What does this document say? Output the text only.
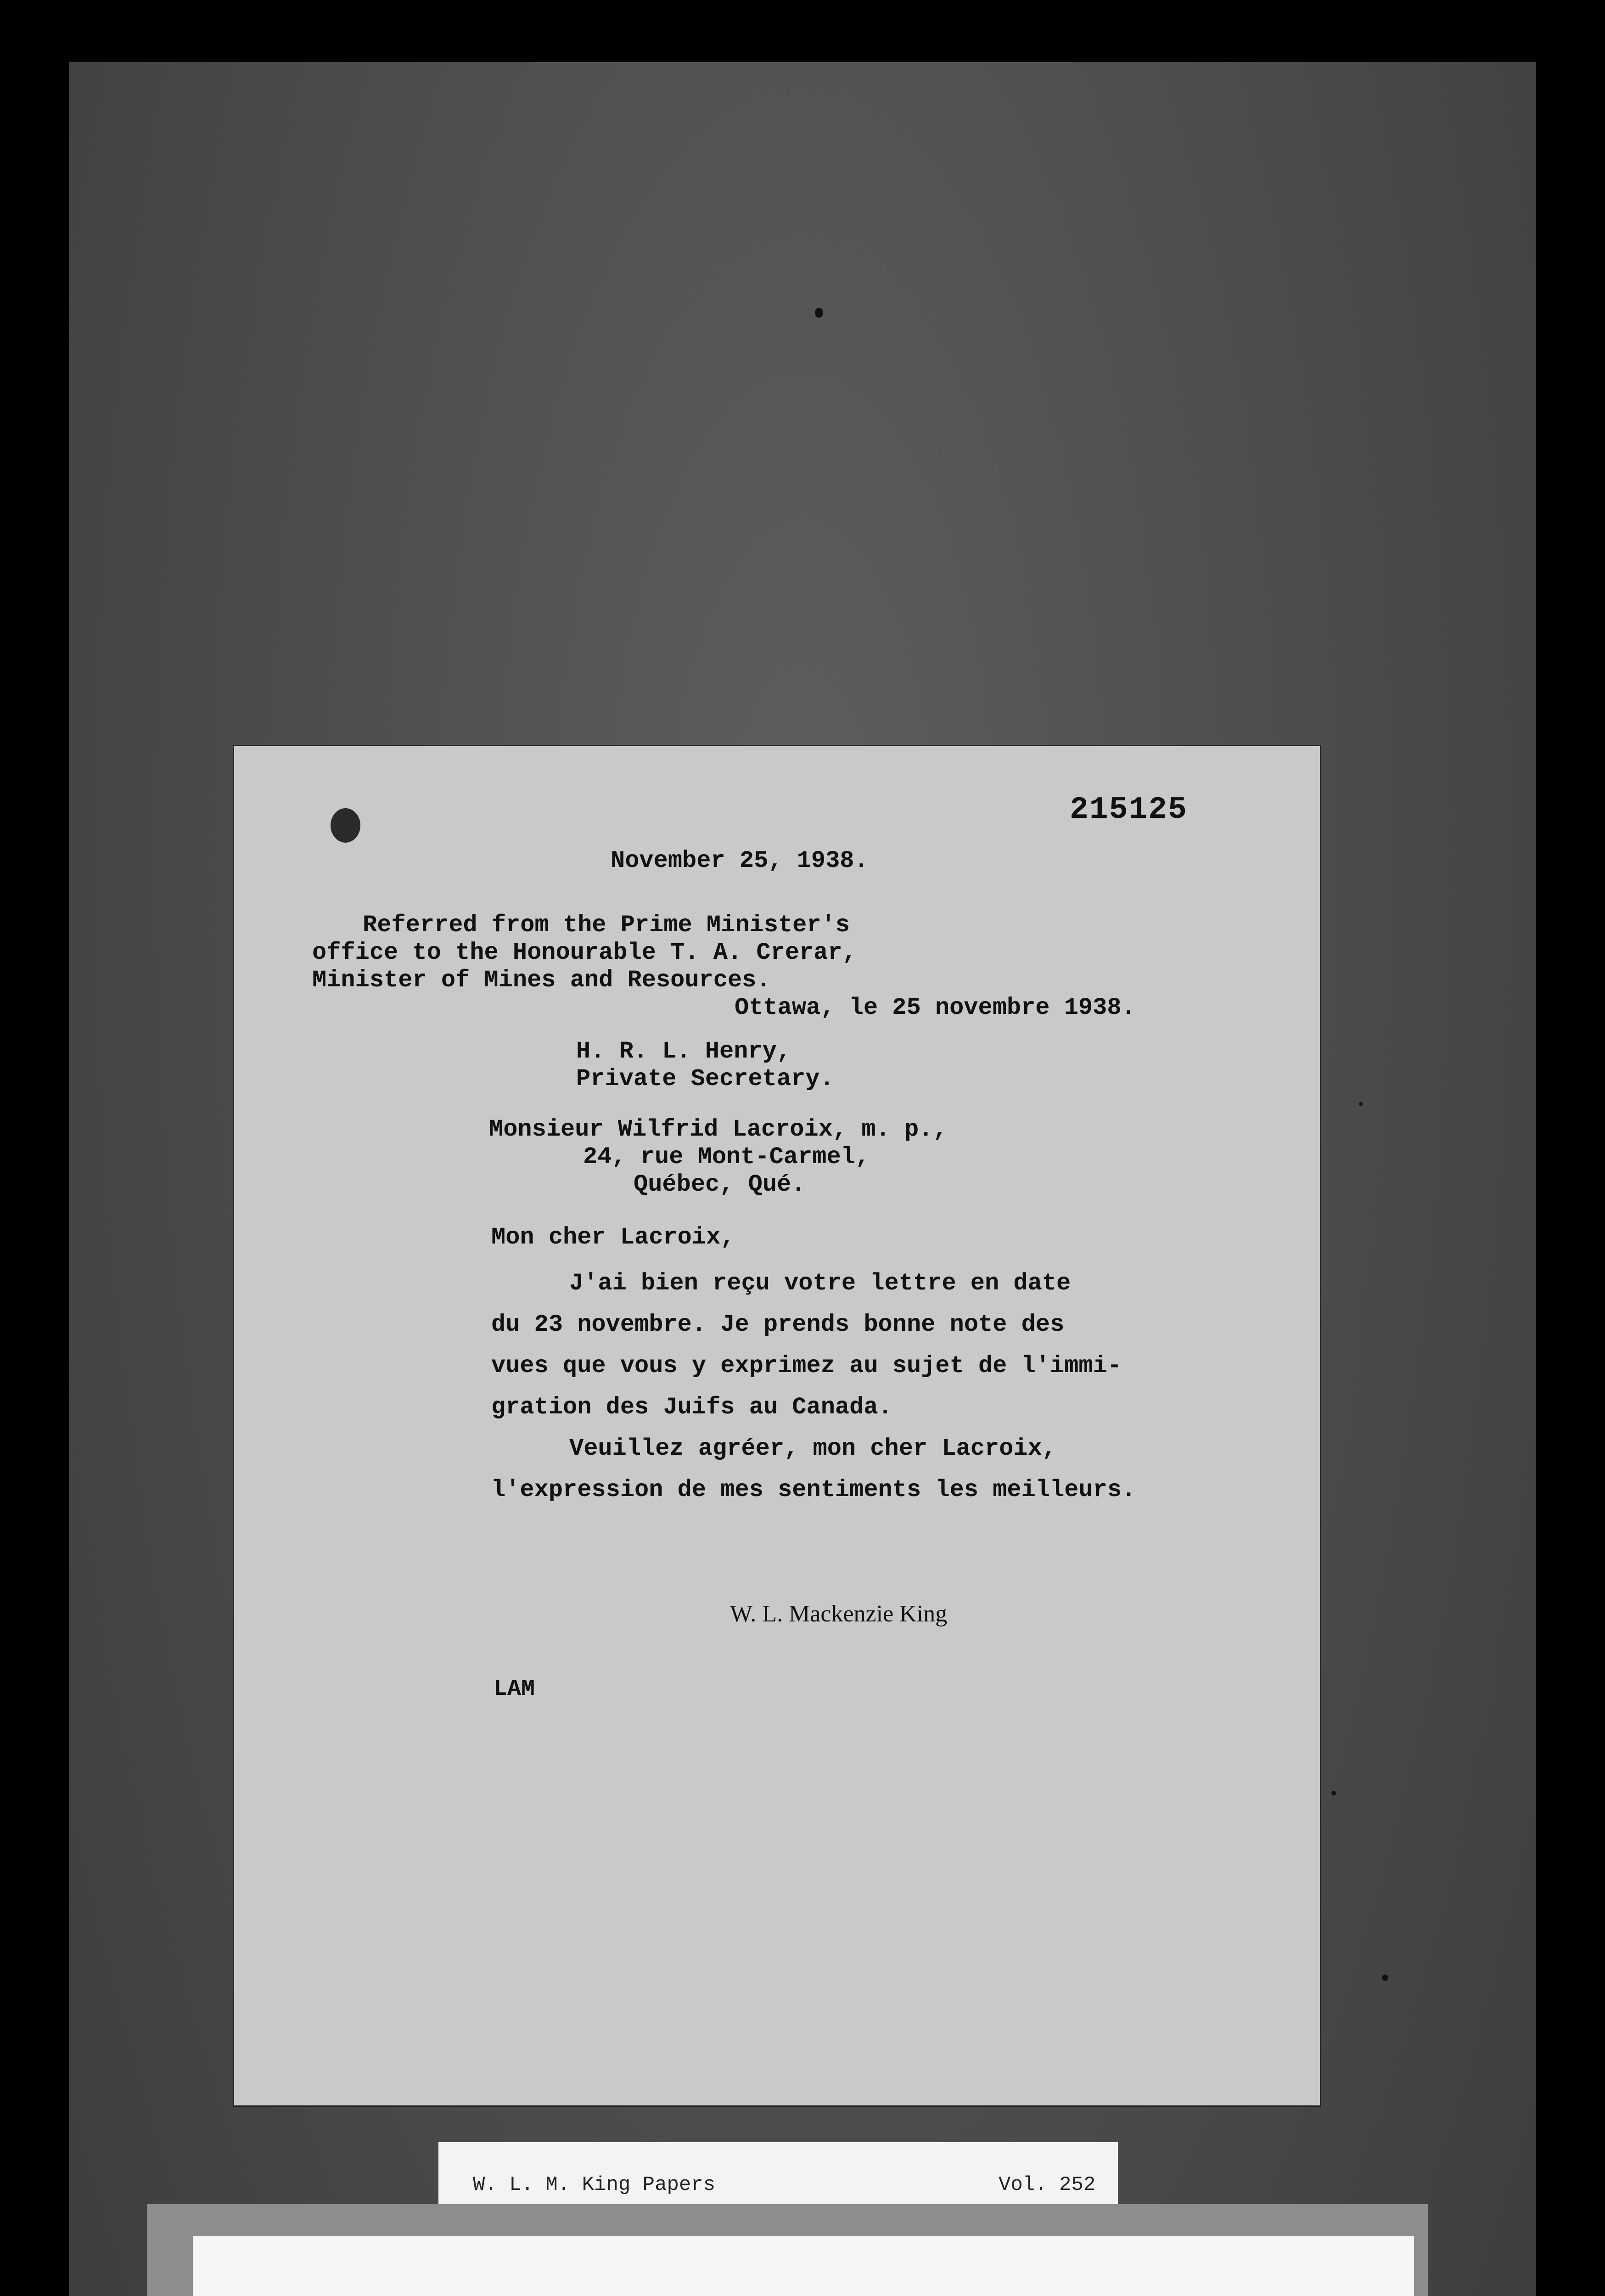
215125
November 25, 1938.
Referred from the Prime Minister's
office to the Honourable T. A. Crerar,
Minister of Mines and Resources.
Ottawa, le 25 novembre 1938.
H. R. L. Henry,
Private Secretary.
Monsieur Wilfrid Lacroix, m. p.,
24, rue Mont-Carmel,
Québec, Qué.
Mon cher Lacroix,
J'ai bien reçu votre lettre en date
du 23 novembre. Je prends bonne note des
vues que vous y exprimez au sujet de l'immi-
gration des Juifs au Canada.
Veuillez agréer, mon cher Lacroix,
l'expression de mes sentiments les meilleurs.
W. L. Mackenzie King
LAM
W. L. M. King Papers	Vol. 252
